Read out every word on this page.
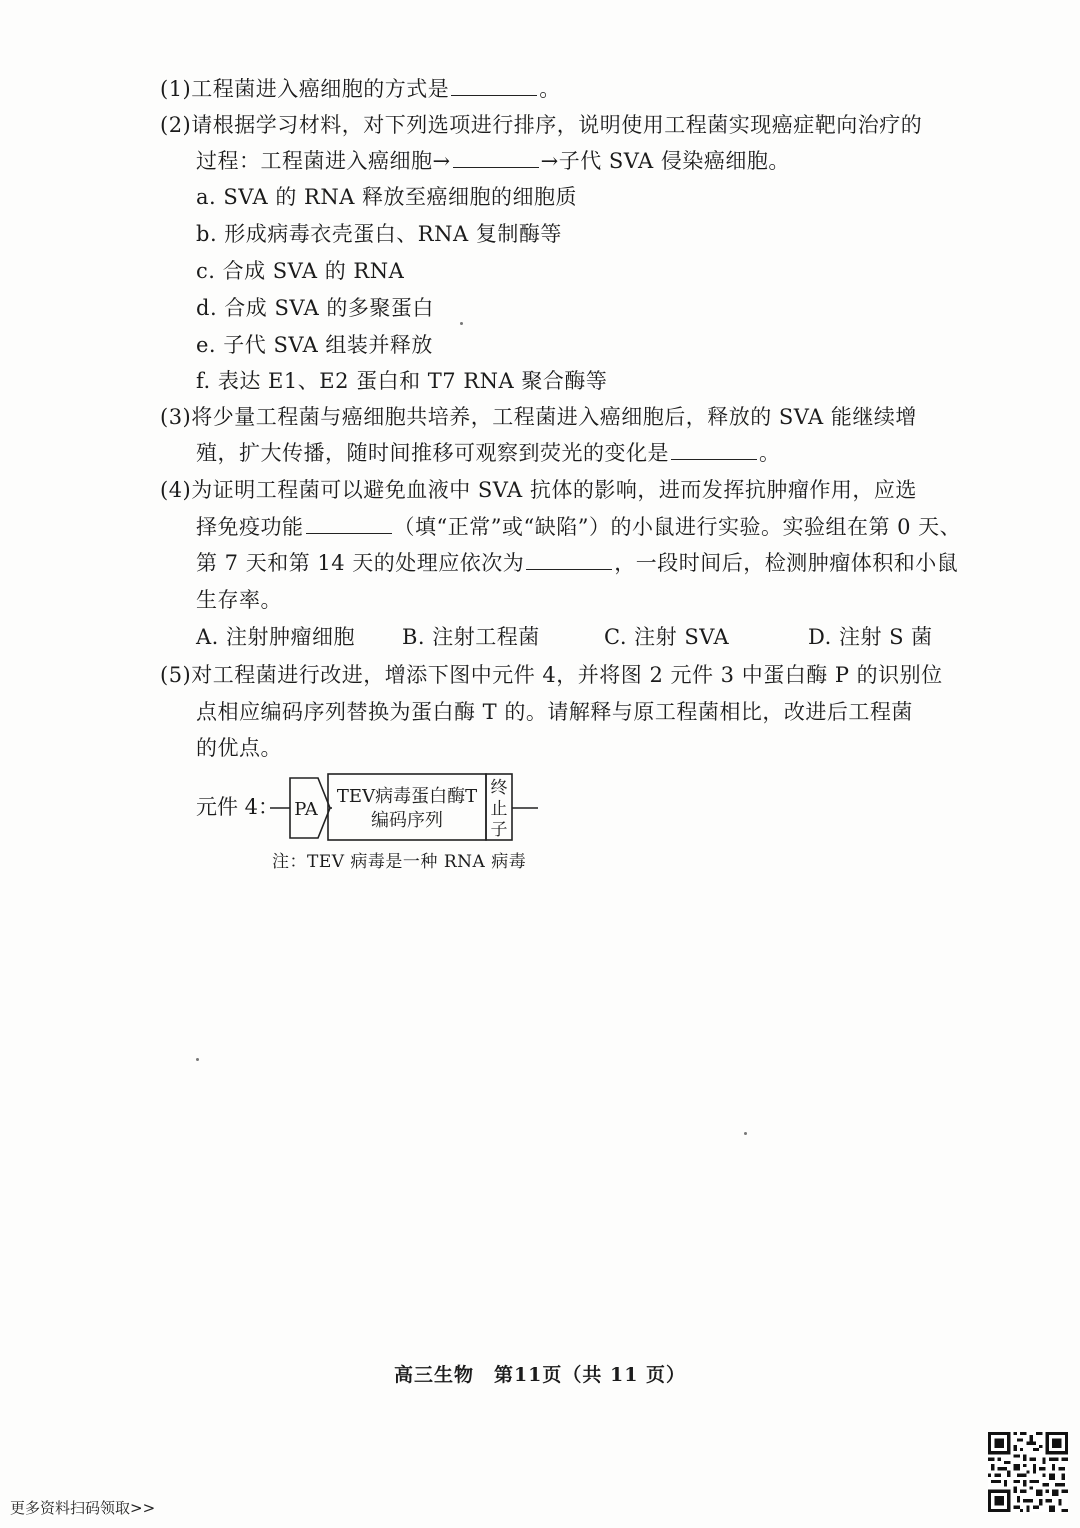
(1)工程菌进入癌细胞的方式是	。
(2)请根据学习材料，对下列选项进行排序，说明使用工程菌实现癌症靶向治疗的
过程：工程菌进入癌细胞→	→子代 SVA 侵染癌细胞。
a. SVA 的 RNA 释放至癌细胞的细胞质
b. 形成病毒衣壳蛋白、RNA 复制酶等
c. 合成 SVA 的 RNA
d. 合成 SVA 的多聚蛋白
e. 子代 SVA 组装并释放
f. 表达 E1、E2 蛋白和 T7 RNA 聚合酶等
(3)将少量工程菌与癌细胞共培养，工程菌进入癌细胞后，释放的 SVA 能继续增
殖，扩大传播，随时间推移可观察到荧光的变化是	。
(4)为证明工程菌可以避免血液中 SVA 抗体的影响，进而发挥抗肿瘤作用，应选
择免疫功能	（填“正常”或“缺陷”）的小鼠进行实验。实验组在第 0 天、
第 7 天和第 14 天的处理应依次为	，一段时间后，检测肿瘤体积和小鼠
生存率。
A. 注射肿瘤细胞 B. 注射工程菌	C. 注射 SVA	D. 注射 S 菌
(5)对工程菌进行改进，增添下图中元件 4，并将图 2 元件 3 中蛋白酶 P 的识别位
点相应编码序列替换为蛋白酶 T 的。请解释与原工程菌相比，改进后工程菌
的优点。
元件 4： PA
TEV病毒蛋白酶T
编码序列
终
止
子
注：TEV 病毒是一种 RNA 病毒
高三生物　第11页（共 11 页）
更多资料扫码领取>>
